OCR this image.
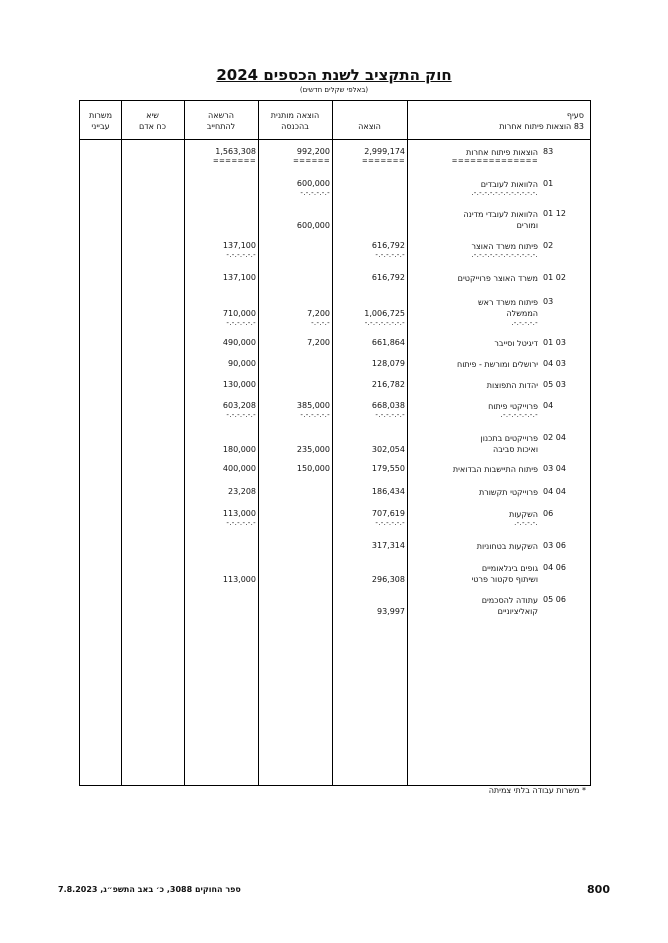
חוק התקציב לשנת הכספים 2024
(באלפי שקלים חדשים)
משרות
עבייני
שיא
כח אדם
הרשאה
להתחייב
הוצאה מותנית
בהכנסה	הוצאה
סעיף
83 הוצאות פיתוח אחרות
83
הוצאות פיתוח אחרות
2,999,174
992,200
1,563,308
==============
=======
======
=======
01
הלוואות לעובדים
600,000
.-.-.-.-.-.-.-.-.-.-.-.-.
-.-.-.-.-.-
01 12
הלוואות לעובדי מדינה
ומורים
600,000
02
פיתוח משרד האוצר
616,792
137,100
.-.-.-.-.-.-.-.-.-.-.-.-.
-.-.-.-.-.-
-.-.-.-.-.-
01 02
משרד האוצר פרוייקטים
616,792
137,100
03
פיתוח משרד ראש
הממשלה
1,006,725
7,200
710,000
.-.-.-.-.-
-.-.-.-.-.-.-.-
-.-.-.-
-.-.-.-.-.-
01 03
דיגיטל וסייבר
661,864
7,200
490,000
04 03
ירושלים ומורשת - פיתוח
128,079
90,000
05 03
יהדות התפוצות
216,782
130,000
04
פרוייקטי פיתוח
668,038
385,000
603,208
.-.-.-.-.-.-.-
-.-.-.-.-.-
-.-.-.-.-.-
-.-.-.-.-.-
02 04
פרוייקטים בתכנון
ואיכות סביבה
302,054
235,000
180,000
03 04
פיתוח התיישבות הבדואית
179,550
150,000
400,000
04 04
פרוייקטי תקשורת
186,434
23,208
06
השקעות
707,619
113,000
.-.-.-.-.
-.-.-.-.-.-
-.-.-.-.-.-
03 06
השקעות בטחוניות
317,314
04 06
גופים בינלאומיים
ושיתוף סקטור פרטי
296,308
113,000
05 06
עתודה להסכמים
קואליציוניים
93,997
* משרות עבודה בלתי צמיתה
ספר החוקים 3088, כ׳ באב התשפ״ג, 7.8.2023	800
